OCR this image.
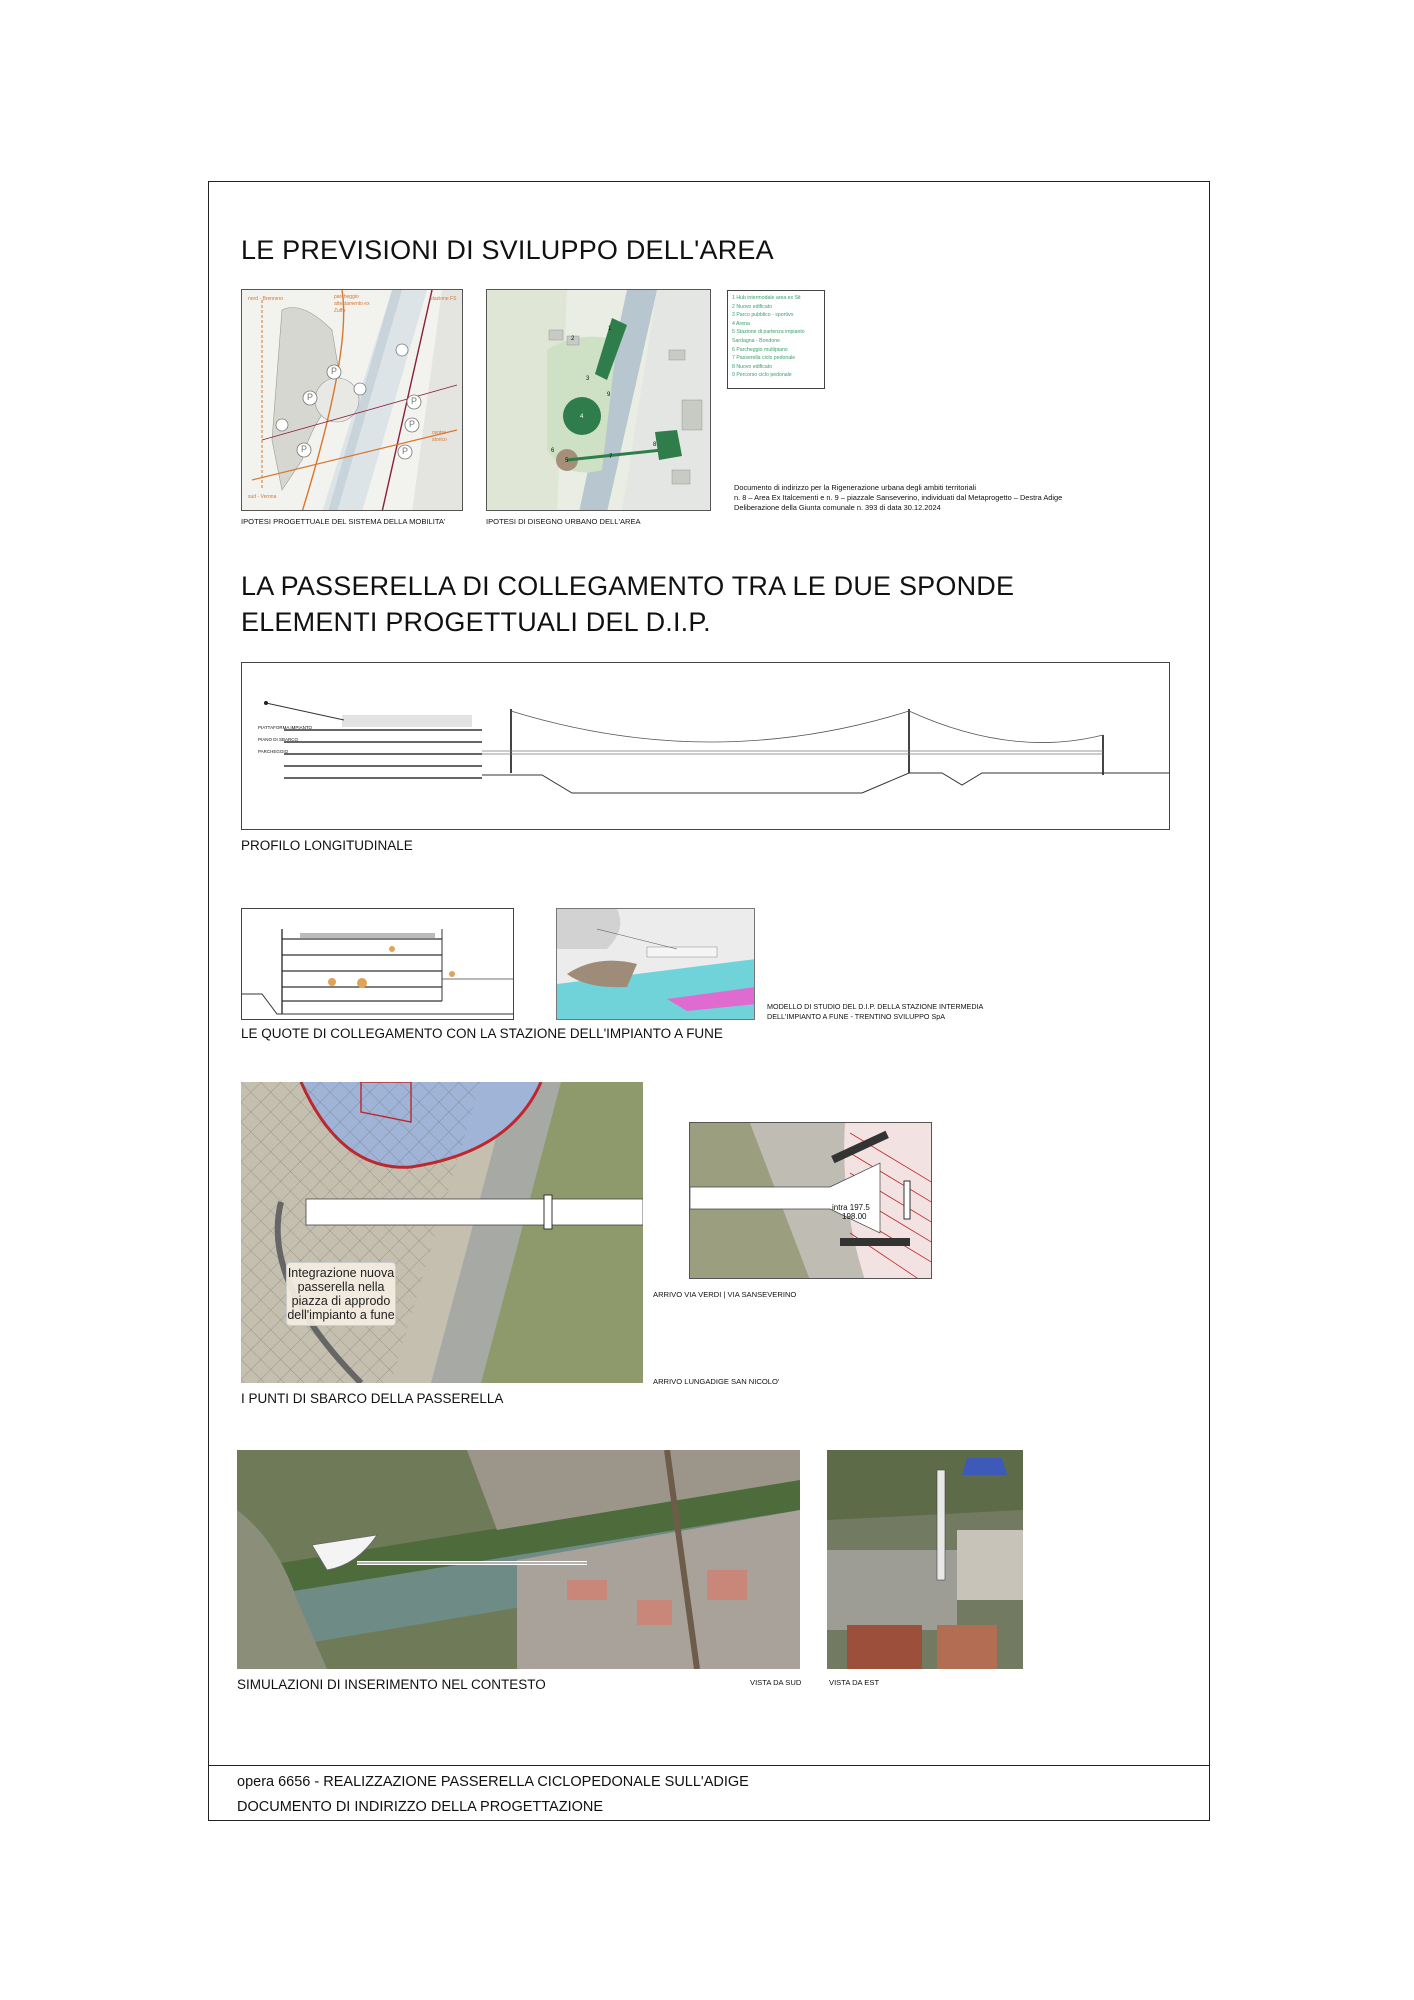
LE PREVISIONI DI SVILUPPO DELL'AREA
nord - Brennero	parcheggio attestamento ex Zuffo
stazione FS
sud - Verona
centro storico
P
P
P
P
P
P
IPOTESI PROGETTUALE DEL SISTEMA DELLA MOBILITA'
1
2
3
4
5
6
7
8
9
IPOTESI DI DISEGNO URBANO DELL'AREA
1 Hub intermodale area ex Sit
2 Nuovo edificato
3 Parco pubblico - sportivo
4 Arena
5 Stazione di partenza impianto
Sardagna - Bondone
6 Parcheggio multipiano
7 Passerella ciclo pedonale
8 Nuovo edificato
9 Percorso ciclo pedonale
Documento di indirizzo per la Rigenerazione urbana degli ambiti territoriali
n. 8 – Area Ex Italcementi e n. 9 – piazzale Sanseverino, individuati dal Metaprogetto – Destra Adige
Deliberazione della Giunta comunale n. 393 di data 30.12.2024
LA PASSERELLA DI COLLEGAMENTO TRA LE DUE SPONDE
ELEMENTI PROGETTUALI DEL D.I.P.
PIATTAFORMA IMPIANTO
PIANO DI SBARCO
PARCHEGGIO
PROFILO LONGITUDINALE
MODELLO DI STUDIO DEL D.I.P. DELLA STAZIONE INTERMEDIA
DELL'IMPIANTO A FUNE - TRENTINO SVILUPPO SpA
LE QUOTE DI COLLEGAMENTO CON LA STAZIONE DELL'IMPIANTO A FUNE
Integrazione nuova passerella nella piazza di approdo dell'impianto a fune
intra 197.5
198.00
ARRIVO VIA VERDI | VIA SANSEVERINO
ARRIVO LUNGADIGE SAN NICOLO'
I PUNTI DI SBARCO DELLA PASSERELLA
SIMULAZIONI DI INSERIMENTO NEL CONTESTO	VISTA DA SUD	VISTA DA EST
opera 6656 - REALIZZAZIONE PASSERELLA CICLOPEDONALE SULL'ADIGE
DOCUMENTO DI INDIRIZZO DELLA PROGETTAZIONE
